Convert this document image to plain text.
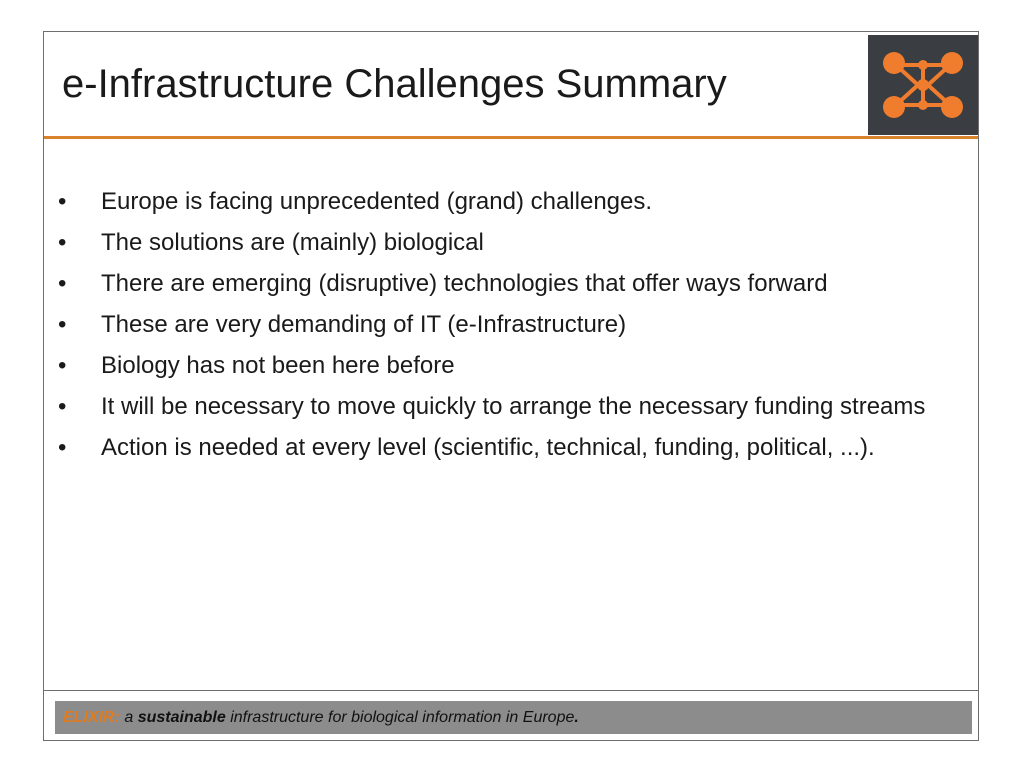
e-Infrastructure Challenges Summary
• Europe is facing unprecedented (grand) challenges.
• The solutions are (mainly) biological
• There are emerging (disruptive) technologies that offer ways forward
• These are very demanding of IT (e-Infrastructure)
• Biology has not been here before
• It will be necessary to move quickly to arrange the necessary funding streams
• Action is needed at every level (scientific, technical, funding, political, ...).
ELIXIR: a sustainable infrastructure for biological information in Europe.
